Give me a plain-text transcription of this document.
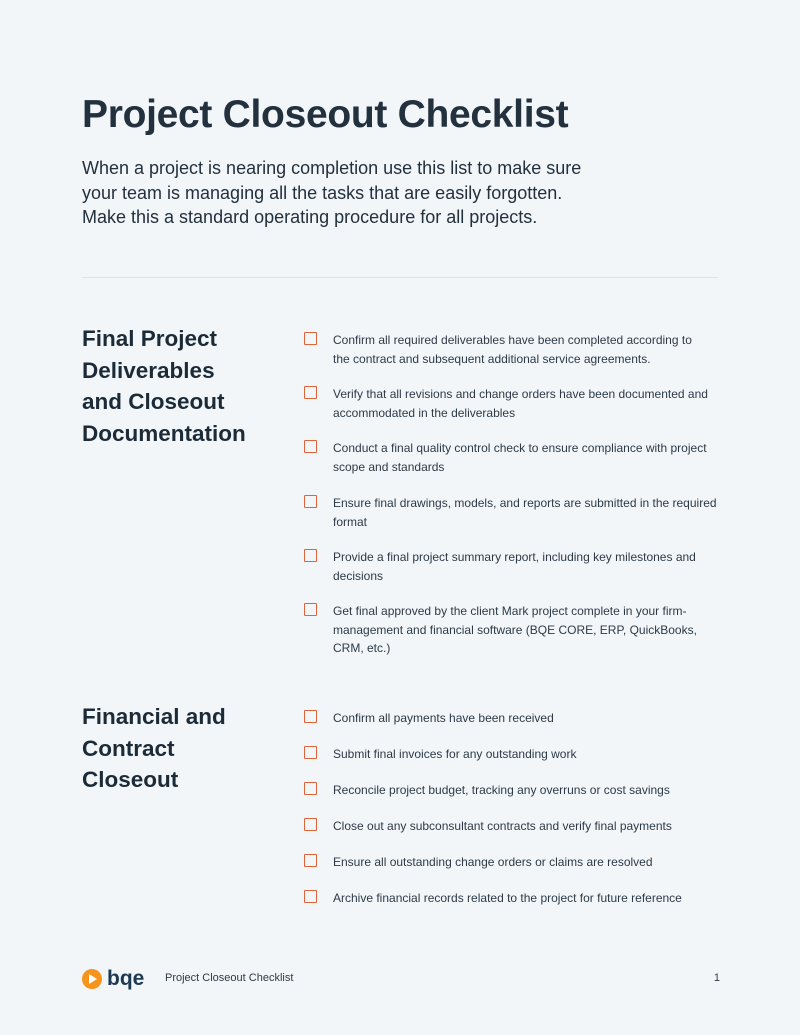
Project Closeout Checklist

When a project is nearing completion use this list to make sure
your team is managing all the tasks that are easily forgotten.
Make this a standard operating procedure for all projects.

Final Project
Deliverables
and Closeout
Documentation
Confirm all required deliverables have been completed according to
the contract and subsequent additional service agreements.
Verify that all revisions and change orders have been documented and
accommodated in the deliverables
Conduct a final quality control check to ensure compliance with project
scope and standards
Ensure final drawings, models, and reports are submitted in the required
format
Provide a final project summary report, including key milestones and
decisions
Get final approved by the client Mark project complete in your firm-
management and financial software (BQE CORE, ERP, QuickBooks,
CRM, etc.)
Financial and
Contract
Closeout
Confirm all payments have been received
Submit final invoices for any outstanding work
Reconcile project budget, tracking any overruns or cost savings
Close out any subconsultant contracts and verify final payments
Ensure all outstanding change orders or claims are resolved
Archive financial records related to the project for future reference
bqe Project Closeout Checklist	1
